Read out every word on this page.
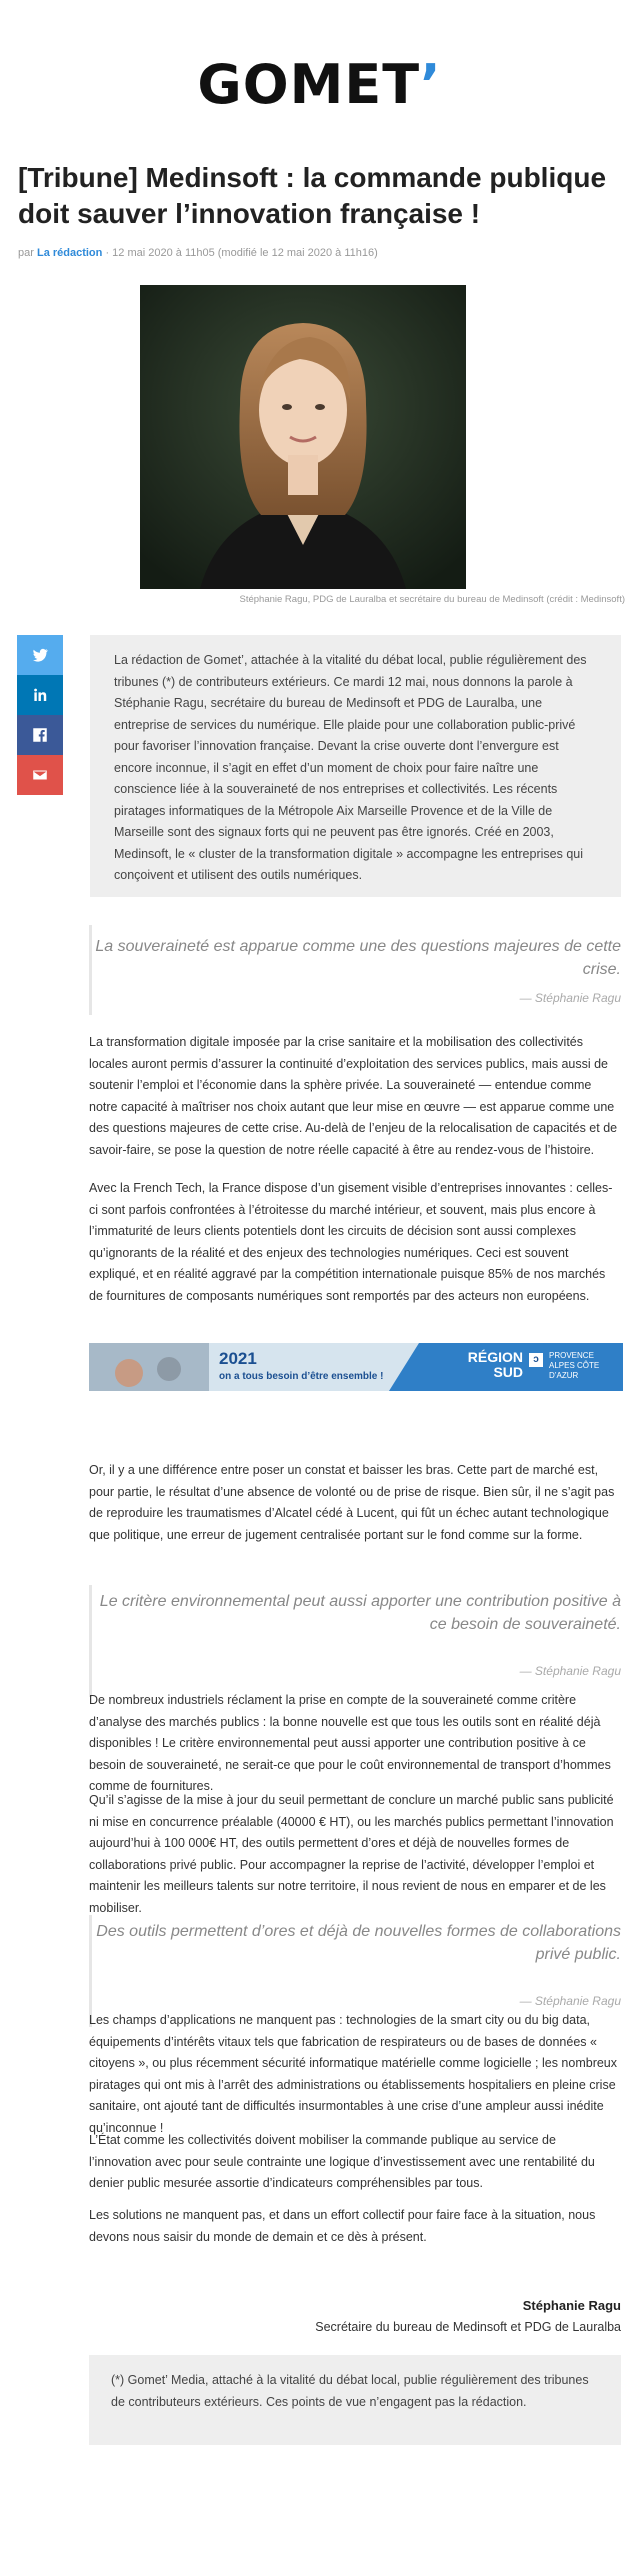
GOMET’
[Tribune] Medinsoft : la commande publique doit sauver l’innovation française !
par La rédaction · 12 mai 2020 à 11h05 (modifié le 12 mai 2020 à 11h16)
Stéphanie Ragu, PDG de Lauralba et secrétaire du bureau de Medinsoft (crédit : Medinsoft)
La rédaction de Gomet’, attachée à la vitalité du débat local, publie régulièrement des tribunes (*) de contributeurs extérieurs. Ce mardi 12 mai, nous donnons la parole à Stéphanie Ragu, secrétaire du bureau de Medinsoft et PDG de Lauralba, une entreprise de services du numérique. Elle plaide pour une collaboration public-privé pour favoriser l’innovation française. Devant la crise ouverte dont l’envergure est encore inconnue, il s’agit en effet d’un moment de choix pour faire naître une conscience liée à la souveraineté de nos entreprises et collectivités. Les récents piratages informatiques de la Métropole Aix Marseille Provence et de la Ville de Marseille sont des signaux forts qui ne peuvent pas être ignorés. Créé en 2003, Medinsoft, le « cluster de la transformation digitale » accompagne les entreprises qui conçoivent et utilisent des outils numériques.

La souveraineté est apparue comme une des questions majeures de cette crise.

— Stéphanie Ragu

La transformation digitale imposée par la crise sanitaire et la mobilisation des collectivités locales auront permis d’assurer la continuité d’exploitation des services publics, mais aussi de soutenir l’emploi et l’économie dans la sphère privée. La souveraineté — entendue comme notre capacité à maîtriser nos choix autant que leur mise en œuvre — est apparue comme une des questions majeures de cette crise. Au-delà de l’enjeu de la relocalisation de capacités et de savoir-faire, se pose la question de notre réelle capacité à être au rendez-vous de l’histoire.

Avec la French Tech, la France dispose d’un gisement visible d’entreprises innovantes : celles-ci sont parfois confrontées à l’étroitesse du marché intérieur, et souvent, mais plus encore à l’immaturité de leurs clients potentiels dont les circuits de décision sont aussi complexes qu’ignorants de la réalité et des enjeux des technologies numériques. Ceci est souvent expliqué, et en réalité aggravé par la compétition internationale puisque 85% de nos marchés de fournitures de composants numériques sont remportés par des acteurs non européens.

2021
on a tous besoin d’être ensemble !
RÉGION
SUD
ↄ	PROVENCE ALPES CÔTE D’AZUR

Or, il y a une différence entre poser un constat et baisser les bras. Cette part de marché est, pour partie, le résultat d’une absence de volonté ou de prise de risque. Bien sûr, il ne s’agit pas de reproduire les traumatismes d’Alcatel cédé à Lucent, qui fût un échec autant technologique que politique, une erreur de jugement centralisée portant sur le fond comme sur la forme.

Le critère environnemental peut aussi apporter une contribution positive à ce besoin de souveraineté.

— Stéphanie Ragu

De nombreux industriels réclament la prise en compte de la souveraineté comme critère d’analyse des marchés publics : la bonne nouvelle est que tous les outils sont en réalité déjà disponibles ! Le critère environnemental peut aussi apporter une contribution positive à ce besoin de souveraineté, ne serait-ce que pour le coût environnemental de transport d’hommes comme de fournitures.

Qu’il s’agisse de la mise à jour du seuil permettant de conclure un marché public sans publicité ni mise en concurrence préalable (40000 € HT), ou les marchés publics permettant l’innovation aujourd’hui à 100 000€ HT, des outils permettent d’ores et déjà de nouvelles formes de collaborations privé public. Pour accompagner la reprise de l’activité, développer l’emploi et maintenir les meilleurs talents sur notre territoire, il nous revient de nous en emparer et de les mobiliser.

Des outils permettent d’ores et déjà de nouvelles formes de collaborations privé public.

— Stéphanie Ragu

Les champs d’applications ne manquent pas : technologies de la smart city ou du big data, équipements d’intérêts vitaux tels que fabrication de respirateurs ou de bases de données « citoyens », ou plus récemment sécurité informatique matérielle comme logicielle ; les nombreux piratages qui ont mis à l’arrêt des administrations ou établissements hospitaliers en pleine crise sanitaire, ont ajouté tant de difficultés insurmontables à une crise d’une ampleur aussi inédite qu’inconnue !

Stéphanie Ragu
Secrétaire du bureau de Medinsoft et PDG de Lauralba
(*) Gomet’ Media, attaché à la vitalité du débat local, publie régulièrement des tribunes de contributeurs extérieurs. Ces points de vue n’engagent pas la rédaction.

L’État comme les collectivités doivent mobiliser la commande publique au service de l’innovation avec pour seule contrainte une logique d’investissement avec une rentabilité du denier public mesurée assortie d’indicateurs compréhensibles par tous.

Les solutions ne manquent pas, et dans un effort collectif pour faire face à la situation, nous devons nous saisir du monde de demain et ce dès à présent.
